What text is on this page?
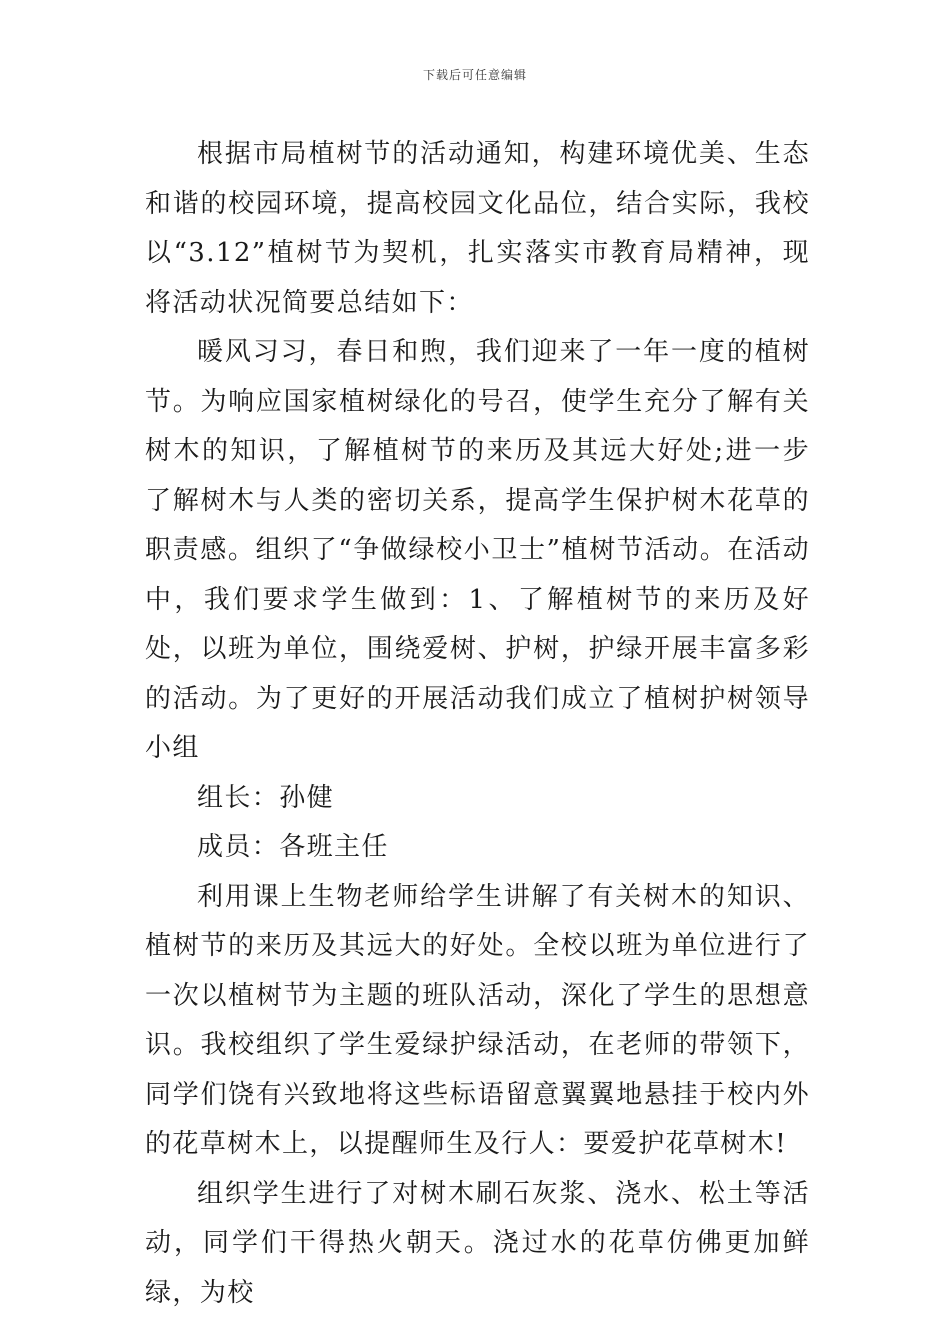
下载后可任意编辑

根据市局植树节的活动通知，构建环境优美、生态和谐的校园环境，提高校园文化品位，结合实际，我校以“3.12”植树节为契机，扎实落实市教育局精神，现将活动状况简要总结如下：

暖风习习，春日和煦，我们迎来了一年一度的植树节。为响应国家植树绿化的号召，使学生充分了解有关树木的知识，了解植树节的来历及其远大好处;进一步了解树木与人类的密切关系，提高学生保护树木花草的职责感。组织了“争做绿校小卫士”植树节活动。在活动中，我们要求学生做到：1、了解植树节的来历及好处，以班为单位，围绕爱树、护树，护绿开展丰富多彩的活动。为了更好的开展活动我们成立了植树护树领导小组

组长：孙健

成员：各班主任

利用课上生物老师给学生讲解了有关树木的知识、植树节的来历及其远大的好处。全校以班为单位进行了一次以植树节为主题的班队活动，深化了学生的思想意识。我校组织了学生爱绿护绿活动，在老师的带领下，同学们饶有兴致地将这些标语留意翼翼地悬挂于校内外的花草树木上，以提醒师生及行人：要爱护花草树木!

组织学生进行了对树木刷石灰浆、浇水、松土等活动，同学们干得热火朝天。浇过水的花草仿佛更加鲜绿，为校
